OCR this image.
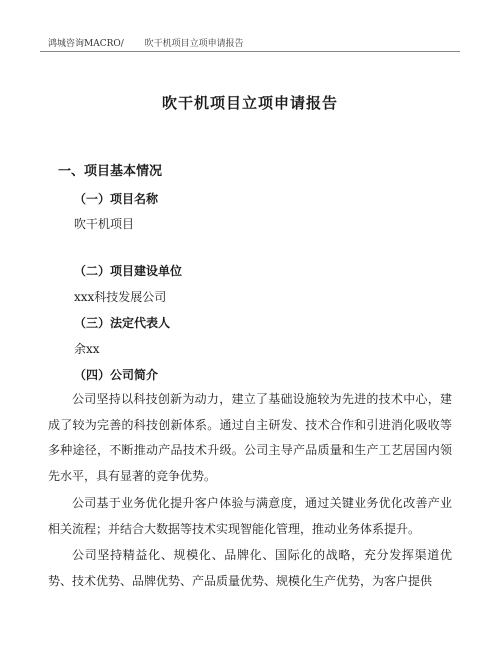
鸿城咨询MACRO/ 吹干机项目立项申请报告
吹干机项目立项申请报告
一、项目基本情况
（一）项目名称
吹干机项目
（二）项目建设单位
xxx科技发展公司
（三）法定代表人
余xx
（四）公司简介

公司坚持以科技创新为动力，建立了基础设施较为先进的技术中心，建成了较为完善的科技创新体系。通过自主研发、技术合作和引进消化吸收等多种途径，不断推动产品技术升级。公司主导产品质量和生产工艺居国内领先水平，具有显著的竞争优势。

公司基于业务优化提升客户体验与满意度，通过关键业务优化改善产业相关流程；并结合大数据等技术实现智能化管理，推动业务体系提升。

公司坚持精益化、规模化、品牌化、国际化的战略，充分发挥渠道优势、技术优势、品牌优势、产品质量优势、规模化生产优势，为客户提供
